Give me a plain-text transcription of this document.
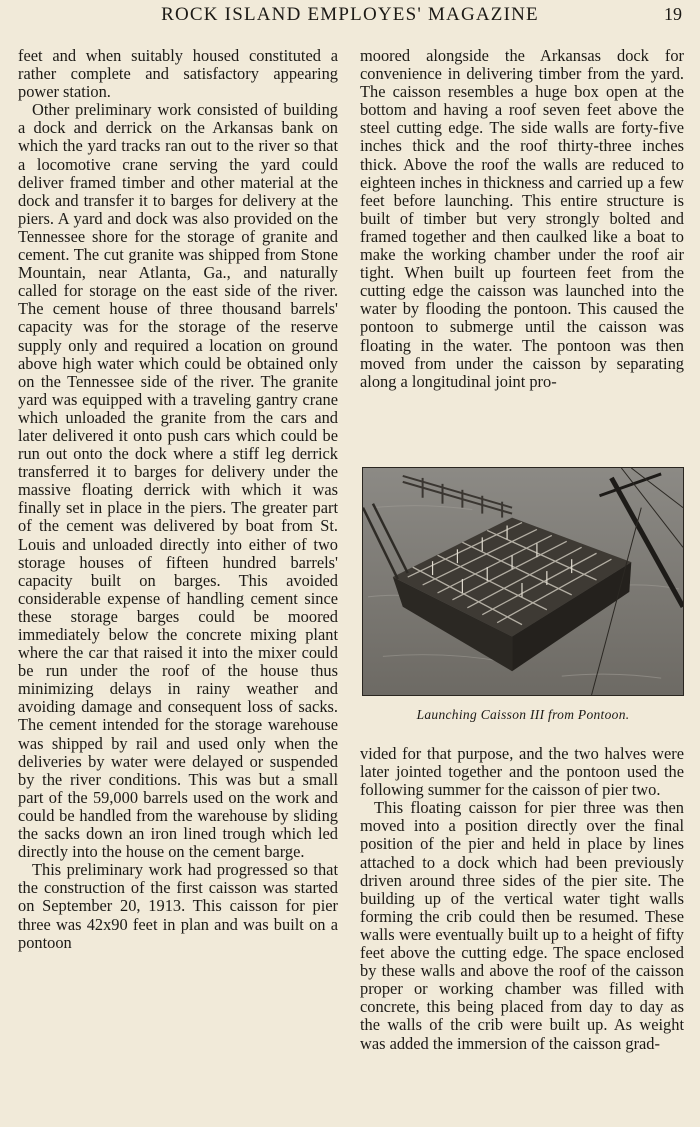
ROCK ISLAND EMPLOYES' MAGAZINE	19

feet and when suitably housed constituted a rather complete and satisfactory appearing power station.

Other preliminary work consisted of building a dock and derrick on the Arkansas bank on which the yard tracks ran out to the river so that a locomotive crane serving the yard could deliver framed timber and other material at the dock and transfer it to barges for delivery at the piers. A yard and dock was also provided on the Tennessee shore for the storage of granite and cement. The cut granite was shipped from Stone Mountain, near Atlanta, Ga., and naturally called for storage on the east side of the river. The cement house of three thousand barrels' capacity was for the storage of the reserve supply only and required a location on ground above high water which could be obtained only on the Tennessee side of the river. The granite yard was equipped with a traveling gantry crane which unloaded the granite from the cars and later delivered it onto push cars which could be run out onto the dock where a stiff leg derrick transferred it to barges for delivery under the massive floating derrick with which it was finally set in place in the piers. The greater part of the cement was delivered by boat from St. Louis and unloaded directly into either of two storage houses of fifteen hundred barrels' capacity built on barges. This avoided considerable expense of handling cement since these storage barges could be moored immediately below the concrete mixing plant where the car that raised it into the mixer could be run under the roof of the house thus minimizing delays in rainy weather and avoiding damage and consequent loss of sacks. The cement intended for the storage warehouse was shipped by rail and used only when the deliveries by water were delayed or suspended by the river conditions. This was but a small part of the 59,000 barrels used on the work and could be handled from the warehouse by sliding the sacks down an iron lined trough which led directly into the house on the cement barge.

This preliminary work had progressed so that the construction of the first caisson was started on September 20, 1913. This caisson for pier three was 42x90 feet in plan and was built on a pontoon

moored alongside the Arkansas dock for convenience in delivering timber from the yard. The caisson resembles a huge box open at the bottom and having a roof seven feet above the steel cutting edge. The side walls are forty-five inches thick and the roof thirty-three inches thick. Above the roof the walls are reduced to eighteen inches in thickness and carried up a few feet before launching. This entire structure is built of timber but very strongly bolted and framed together and then caulked like a boat to make the working chamber under the roof air tight. When built up fourteen feet from the cutting edge the caisson was launched into the water by flooding the pontoon. This caused the pontoon to submerge until the caisson was floating in the water. The pontoon was then moved from under the caisson by separating along a longitudinal joint pro-

Launching Caisson III from Pontoon.

vided for that purpose, and the two halves were later jointed together and the pontoon used the following summer for the caisson of pier two.

This floating caisson for pier three was then moved into a position directly over the final position of the pier and held in place by lines attached to a dock which had been previously driven around three sides of the pier site. The building up of the vertical water tight walls forming the crib could then be resumed. These walls were eventually built up to a height of fifty feet above the cutting edge. The space enclosed by these walls and above the roof of the caisson proper or working chamber was filled with concrete, this being placed from day to day as the walls of the crib were built up. As weight was added the immersion of the caisson grad-
